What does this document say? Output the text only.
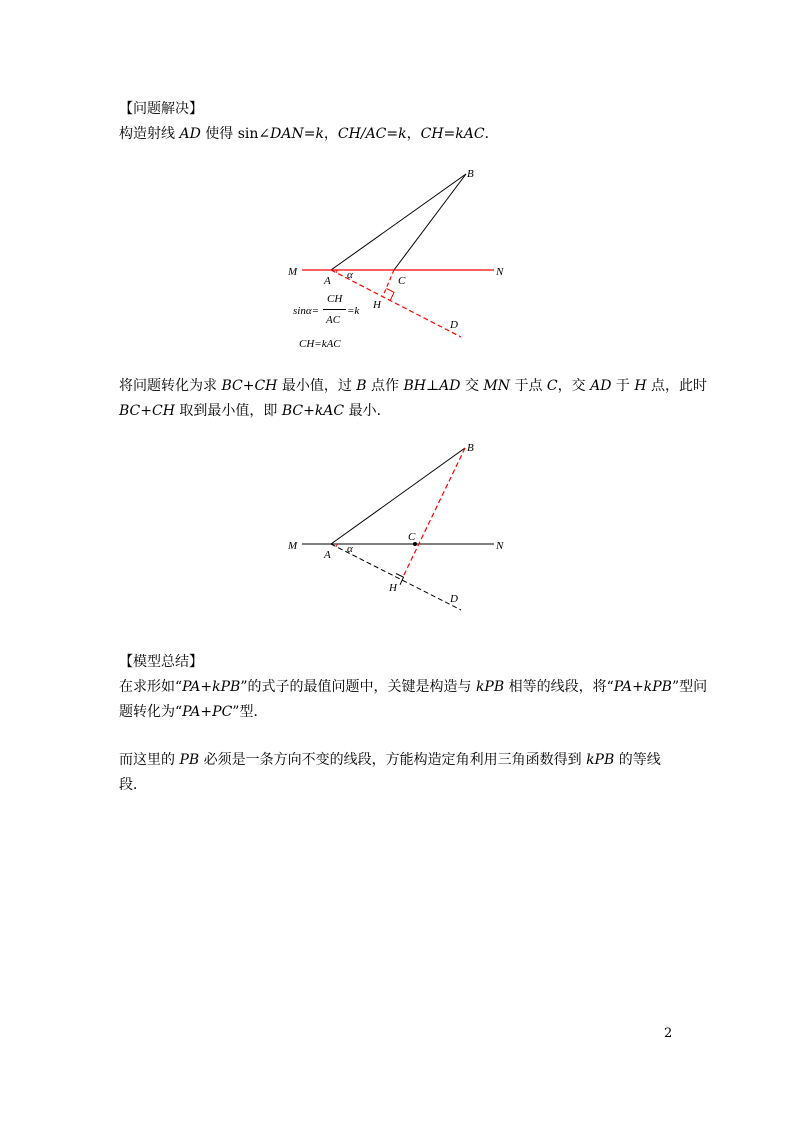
【问题解决】
构造射线 AD 使得 sin∠DAN=k，CH/AC=k，CH=kAC．
B
M	N
A α	C
H
D
sinα=
CH
AC
=k
CH=kAC
将问题转化为求 BC+CH 最小值，过 B 点作 BH⊥AD 交 MN 于点 C，交 AD 于 H 点，此时
BC+CH 取到最小值，即 BC+kAC 最小．
B
M	N
A α
C
H
D
【模型总结】
在求形如“PA+kPB”的式子的最值问题中，关键是构造与 kPB 相等的线段，将“PA+kPB”型问
题转化为“PA+PC”型．
而这里的 PB 必须是一条方向不变的线段，方能构造定角利用三角函数得到 kPB 的等线
段．
2
